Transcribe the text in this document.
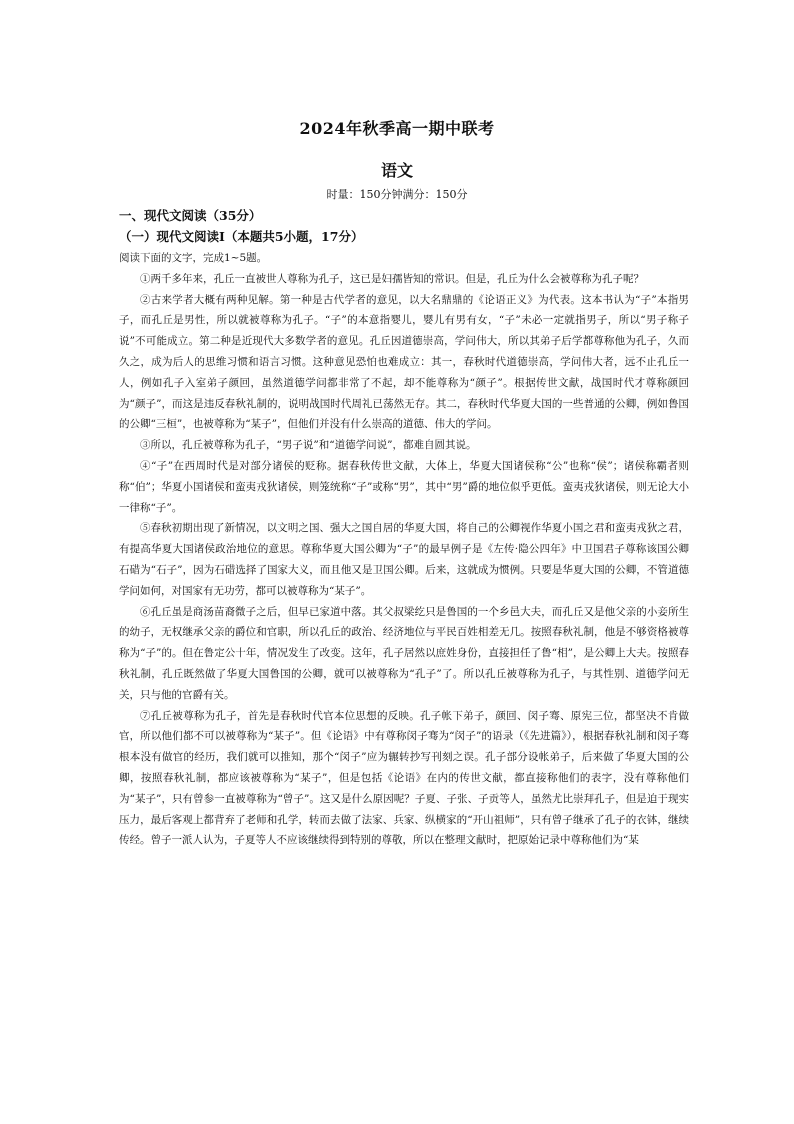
2024年秋季高一期中联考
语文
时量：150分钟满分：150分

一、现代文阅读（35分）

（一）现代文阅读Ⅰ（本题共5小题，17分）

阅读下面的文字，完成1~5题。

①两千多年来，孔丘一直被世人尊称为孔子，这已是妇孺皆知的常识。但是，孔丘为什么会被尊称为孔子呢？

②古来学者大概有两种见解。第一种是古代学者的意见，以大名鼎鼎的《论语正义》为代表。这本书认为“子”本指男子，而孔丘是男性，所以就被尊称为孔子。“子”的本意指婴儿，婴儿有男有女，“子”未必一定就指男子，所以“男子称子说”不可能成立。第二种是近现代大多数学者的意见。孔丘因道德崇高，学问伟大，所以其弟子后学都尊称他为孔子，久而久之，成为后人的思维习惯和语言习惯。这种意见恐怕也难成立：其一，春秋时代道德崇高，学问伟大者，远不止孔丘一人，例如孔子入室弟子颜回，虽然道德学问都非常了不起，却不能尊称为“颜子”。根据传世文献，战国时代才尊称颜回为“颜子”，而这是违反春秋礼制的，说明战国时代周礼已荡然无存。其二，春秋时代华夏大国的一些普通的公卿，例如鲁国的公卿“三桓”，也被尊称为“某子”，但他们并没有什么崇高的道德、伟大的学问。

③所以，孔丘被尊称为孔子，“男子说”和“道德学问说”，都难自圆其说。

④“子”在西周时代是对部分诸侯的贬称。据春秋传世文献，大体上，华夏大国诸侯称“公”也称“侯”；诸侯称霸者则称“伯”；华夏小国诸侯和蛮夷戎狄诸侯，则笼统称“子”或称“男”，其中“男”爵的地位似乎更低。蛮夷戎狄诸侯，则无论大小一律称“子”。

⑤春秋初期出现了新情况，以文明之国、强大之国自居的华夏大国，将自己的公卿视作华夏小国之君和蛮夷戎狄之君，有提高华夏大国诸侯政治地位的意思。尊称华夏大国公卿为“子”的最早例子是《左传·隐公四年》中卫国君子尊称该国公卿石碏为“石子”，因为石碏选择了国家大义，而且他又是卫国公卿。后来，这就成为惯例。只要是华夏大国的公卿，不管道德学问如何，对国家有无功劳，都可以被尊称为“某子”。

⑥孔丘虽是商汤苗裔微子之后，但早已家道中落。其父叔梁纥只是鲁国的一个乡邑大夫，而孔丘又是他父亲的小妾所生的幼子，无权继承父亲的爵位和官职，所以孔丘的政治、经济地位与平民百姓相差无几。按照春秋礼制，他是不够资格被尊称为“子”的。但在鲁定公十年，情况发生了改变。这年，孔子居然以庶姓身份，直接担任了鲁“相”，是公卿上大夫。按照春秋礼制，孔丘既然做了华夏大国鲁国的公卿，就可以被尊称为“孔子”了。所以孔丘被尊称为孔子，与其性别、道德学问无关，只与他的官爵有关。

⑦孔丘被尊称为孔子，首先是春秋时代官本位思想的反映。孔子帐下弟子，颜回、闵子骞、原宪三位，都坚决不肯做官，所以他们都不可以被尊称为“某子”。但《论语》中有尊称闵子骞为“闵子”的语录（《先进篇》），根据春秋礼制和闵子骞根本没有做官的经历，我们就可以推知，那个“闵子”应为辗转抄写刊刻之误。孔子部分设帐弟子，后来做了华夏大国的公卿，按照春秋礼制，都应该被尊称为“某子”，但是包括《论语》在内的传世文献，都直接称他们的表字，没有尊称他们为“某子”，只有曾参一直被尊称为“曾子”。这又是什么原因呢？子夏、子张、子贡等人，虽然尤比崇拜孔子，但是迫于现实压力，最后客观上都背弃了老师和孔学，转而去做了法家、兵家、纵横家的“开山祖师”，只有曾子继承了孔子的衣钵，继续传经。曾子一派人认为，子夏等人不应该继续得到特别的尊敬，所以在整理文献时，把原始记录中尊称他们为“某
